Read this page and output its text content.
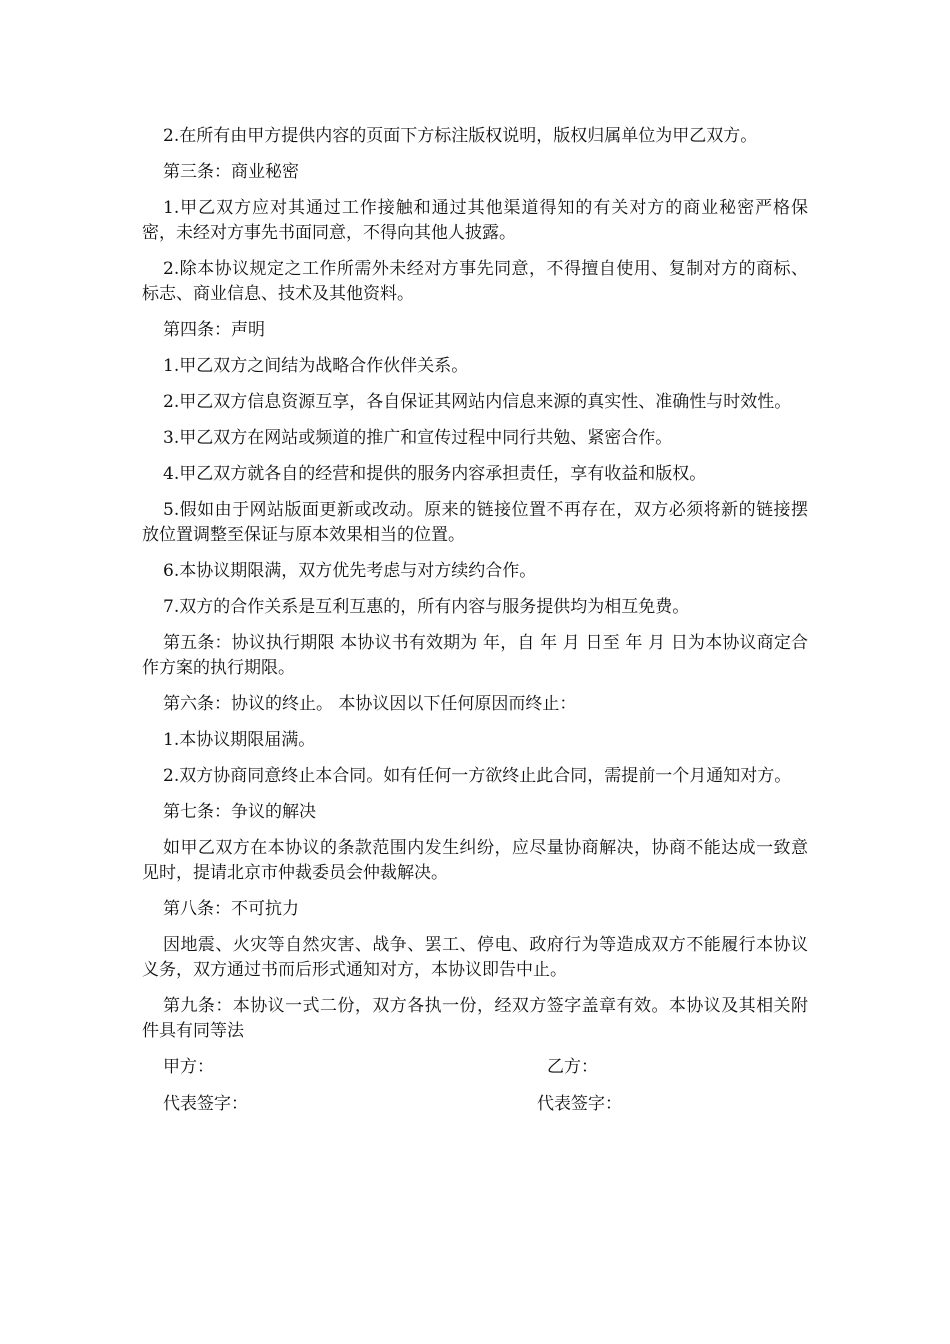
2.在所有由甲方提供内容的页面下方标注版权说明，版权归属单位为甲乙双方。

第三条：商业秘密

1.甲乙双方应对其通过工作接触和通过其他渠道得知的有关对方的商业秘密严格保密，未经对方事先书面同意，不得向其他人披露。

2.除本协议规定之工作所需外未经对方事先同意，不得擅自使用、复制对方的商标、标志、商业信息、技术及其他资料。

第四条：声明

1.甲乙双方之间结为战略合作伙伴关系。

2.甲乙双方信息资源互享，各自保证其网站内信息来源的真实性、准确性与时效性。

3.甲乙双方在网站或频道的推广和宣传过程中同行共勉、紧密合作。

4.甲乙双方就各自的经营和提供的服务内容承担责任，享有收益和版权。

5.假如由于网站版面更新或改动。原来的链接位置不再存在，双方必须将新的链接摆放位置调整至保证与原本效果相当的位置。

6.本协议期限满，双方优先考虑与对方续约合作。

7.双方的合作关系是互利互惠的，所有内容与服务提供均为相互免费。

第五条：协议执行期限 本协议书有效期为 年，自 年 月 日至 年 月 日为本协议商定合作方案的执行期限。

第六条：协议的终止。 本协议因以下任何原因而终止：

1.本协议期限届满。

2.双方协商同意终止本合同。如有任何一方欲终止此合同，需提前一个月通知对方。

第七条：争议的解决

如甲乙双方在本协议的条款范围内发生纠纷，应尽量协商解决，协商不能达成一致意见时，提请北京市仲裁委员会仲裁解决。

第八条：不可抗力

因地震、火灾等自然灾害、战争、罢工、停电、政府行为等造成双方不能履行本协议义务，双方通过书而后形式通知对方，本协议即告中止。

第九条：本协议一式二份，双方各执一份，经双方签字盖章有效。本协议及其相关附件具有同等法

甲方：	乙方：
代表签字：	代表签字：
